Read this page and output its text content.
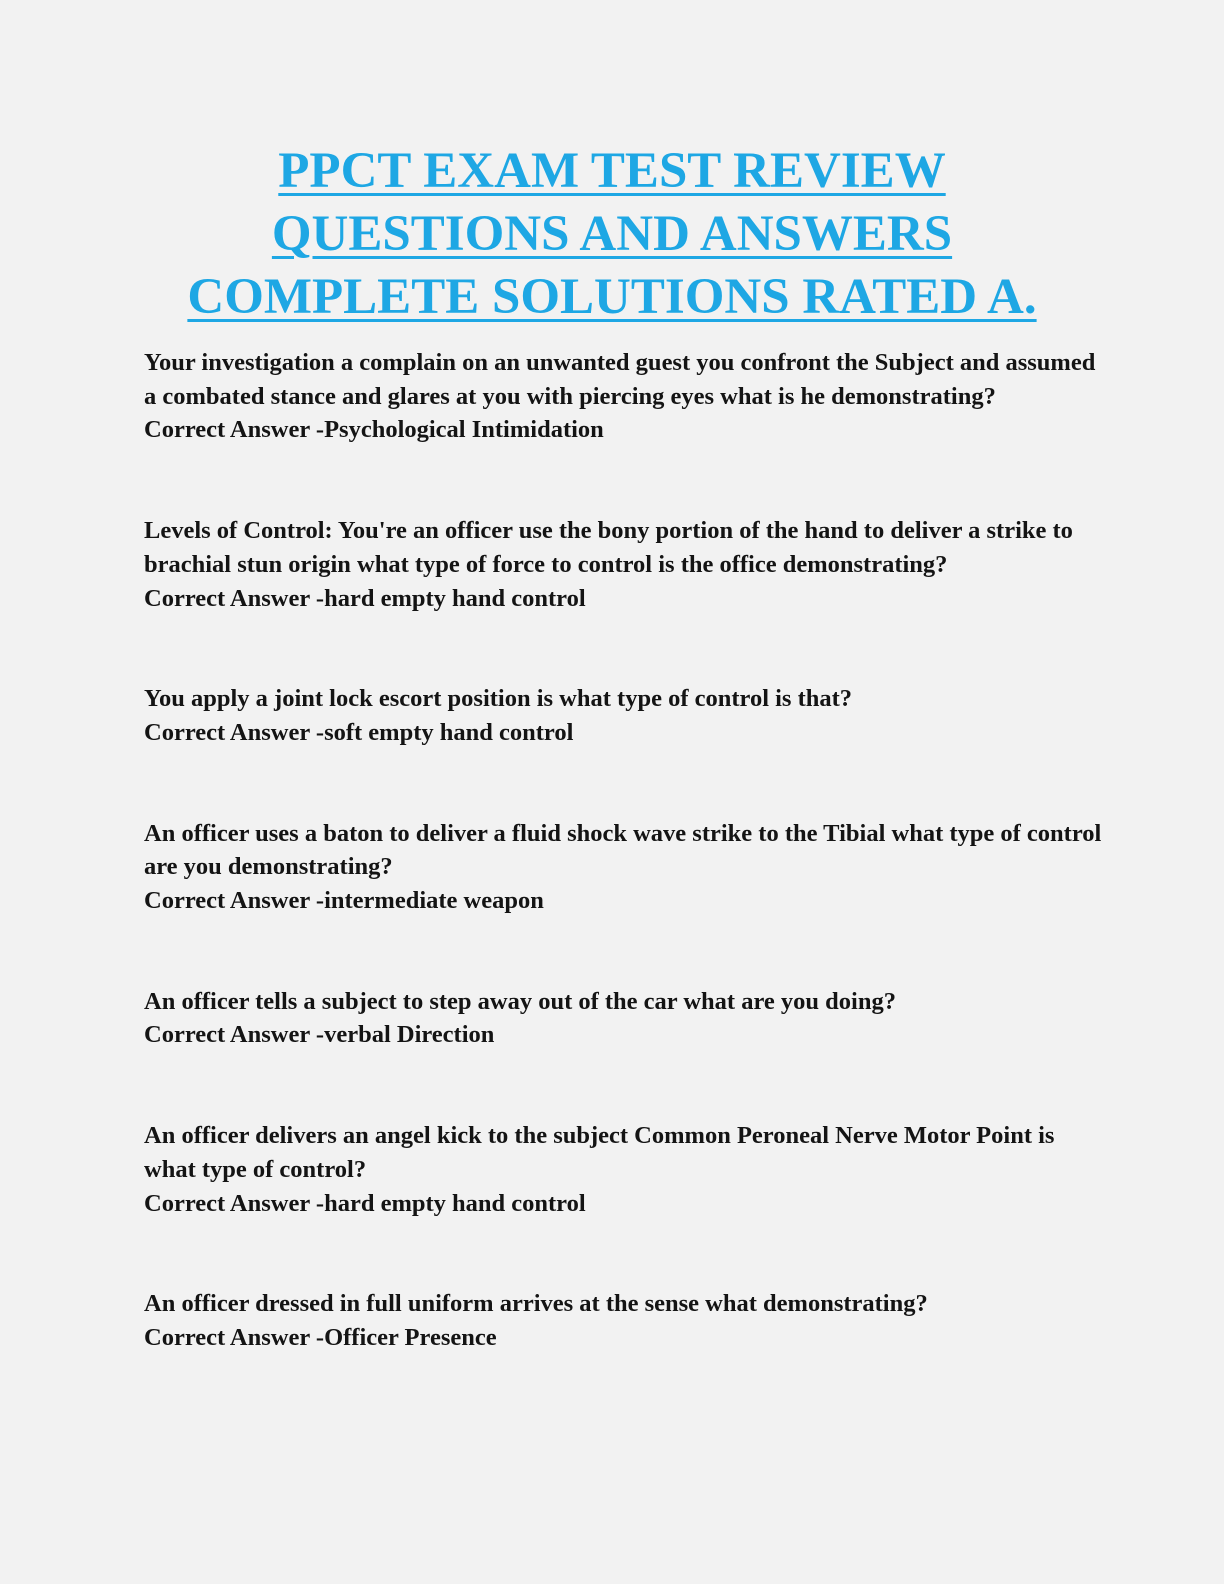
PPCT EXAM TEST REVIEW
QUESTIONS AND ANSWERS
COMPLETE SOLUTIONS RATED A.
Your investigation a complain on an unwanted guest you confront the Subject and assumed a combated stance and glares at you with piercing eyes what is he demonstrating?
Correct Answer -Psychological Intimidation
Levels of Control: You're an officer use the bony portion of the hand to deliver a strike to brachial stun origin what type of force to control is the office demonstrating?
Correct Answer -hard empty hand control
You apply a joint lock escort position is what type of control is that?
Correct Answer -soft empty hand control
An officer uses a baton to deliver a fluid shock wave strike to the Tibial what type of control are you demonstrating?
Correct Answer -intermediate weapon
An officer tells a subject to step away out of the car what are you doing?
Correct Answer -verbal Direction
An officer delivers an angel kick to the subject Common Peroneal Nerve Motor Point is what type of control?
Correct Answer -hard empty hand control
An officer dressed in full uniform arrives at the sense what demonstrating?
Correct Answer -Officer Presence
